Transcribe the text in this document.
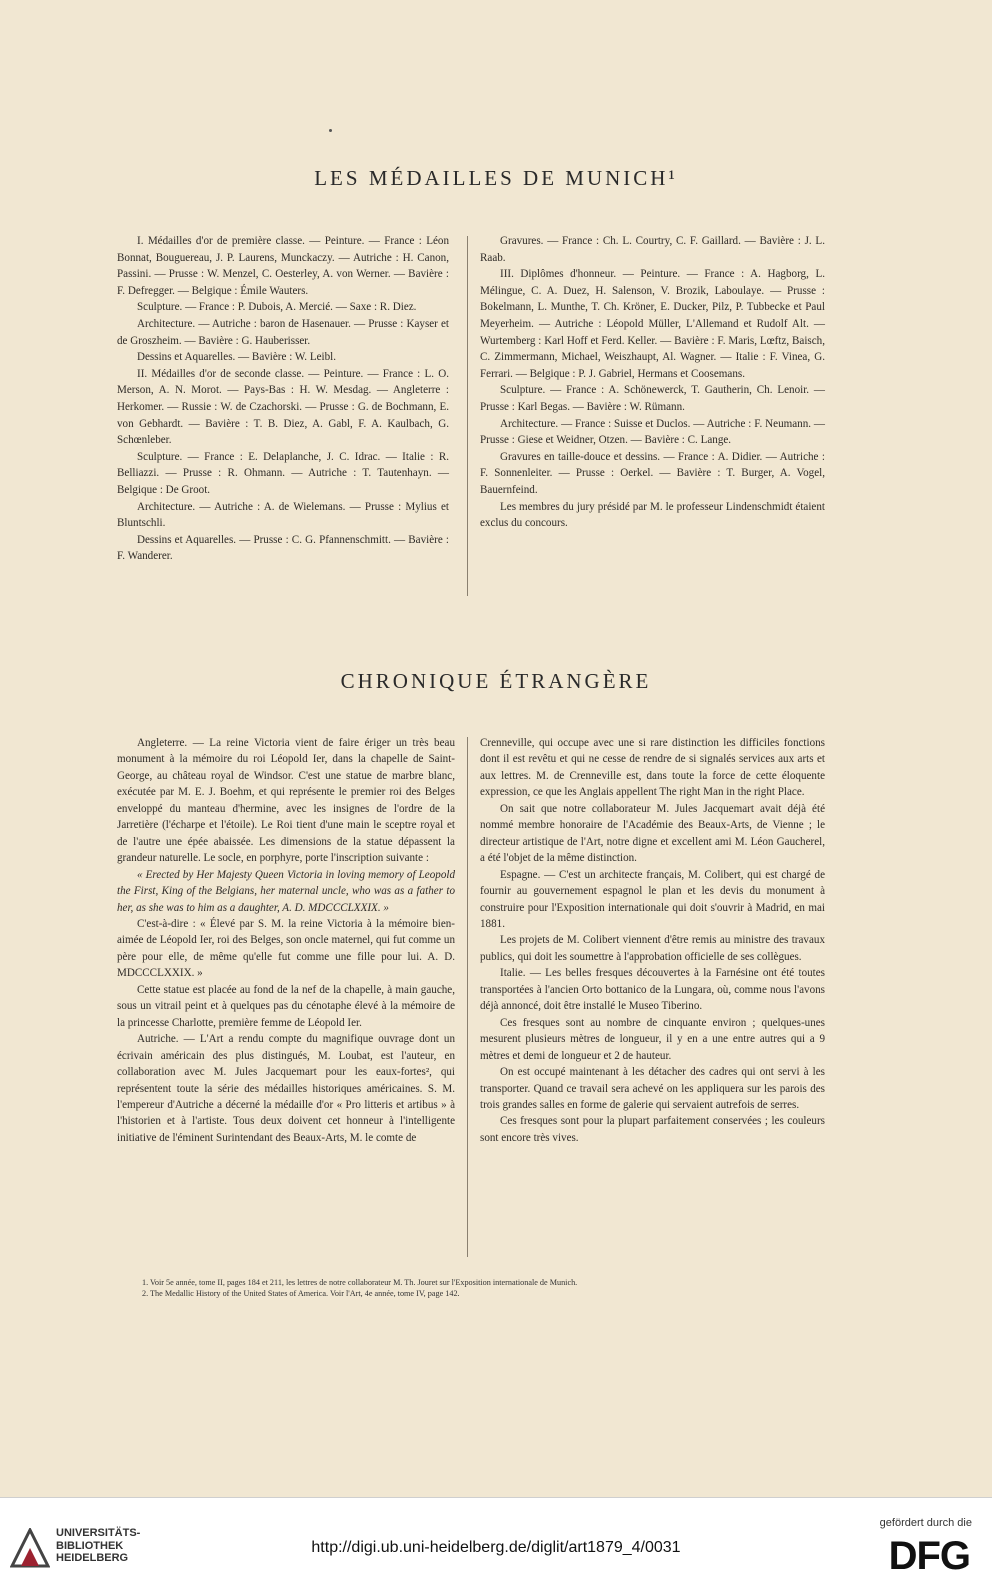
LES MÉDAILLES DE MUNICH¹

I. Médailles d'or de première classe. — Peinture. — France : Léon Bonnat, Bouguereau, J. P. Laurens, Munckaczy. — Autriche : H. Canon, Passini. — Prusse : W. Menzel, C. Oesterley, A. von Werner. — Bavière : F. Defregger. — Belgique : Émile Wauters.

Sculpture. — France : P. Dubois, A. Mercié. — Saxe : R. Diez.

Architecture. — Autriche : baron de Hasenauer. — Prusse : Kayser et de Groszheim. — Bavière : G. Hauberisser.

Dessins et Aquarelles. — Bavière : W. Leibl.

II. Médailles d'or de seconde classe. — Peinture. — France : L. O. Merson, A. N. Morot. — Pays-Bas : H. W. Mesdag. — Angleterre : Herkomer. — Russie : W. de Czachorski. — Prusse : G. de Bochmann, E. von Gebhardt. — Bavière : T. B. Diez, A. Gabl, F. A. Kaulbach, G. Schœnleber.

Sculpture. — France : E. Delaplanche, J. C. Idrac. — Italie : R. Belliazzi. — Prusse : R. Ohmann. — Autriche : T. Tautenhayn. — Belgique : De Groot.

Architecture. — Autriche : A. de Wielemans. — Prusse : Mylius et Bluntschli.

Dessins et Aquarelles. — Prusse : C. G. Pfannenschmitt. — Bavière : F. Wanderer.

Gravures. — France : Ch. L. Courtry, C. F. Gaillard. — Bavière : J. L. Raab.

III. Diplômes d'honneur. — Peinture. — France : A. Hagborg, L. Mélingue, C. A. Duez, H. Salenson, V. Brozik, Laboulaye. — Prusse : Bokelmann, L. Munthe, T. Ch. Kröner, E. Ducker, Pilz, P. Tubbecke et Paul Meyerheim. — Autriche : Léopold Müller, L'Allemand et Rudolf Alt. — Wurtemberg : Karl Hoff et Ferd. Keller. — Bavière : F. Maris, Lœftz, Baisch, C. Zimmermann, Michael, Weiszhaupt, Al. Wagner. — Italie : F. Vinea, G. Ferrari. — Belgique : P. J. Gabriel, Hermans et Coosemans.

Sculpture. — France : A. Schönewerck, T. Gautherin, Ch. Lenoir. — Prusse : Karl Begas. — Bavière : W. Rümann.

Architecture. — France : Suisse et Duclos. — Autriche : F. Neumann. — Prusse : Giese et Weidner, Otzen. — Bavière : C. Lange.

Gravures en taille-douce et dessins. — France : A. Didier. — Autriche : F. Sonnenleiter. — Prusse : Oerkel. — Bavière : T. Burger, A. Vogel, Bauernfeind.

Les membres du jury présidé par M. le professeur Lindenschmidt étaient exclus du concours.

CHRONIQUE ÉTRANGÈRE

Angleterre. — La reine Victoria vient de faire ériger un très beau monument à la mémoire du roi Léopold Ier, dans la chapelle de Saint-George, au château royal de Windsor. C'est une statue de marbre blanc, exécutée par M. E. J. Boehm, et qui représente le premier roi des Belges enveloppé du manteau d'hermine, avec les insignes de l'ordre de la Jarretière (l'écharpe et l'étoile). Le Roi tient d'une main le sceptre royal et de l'autre une épée abaissée. Les dimensions de la statue dépassent la grandeur naturelle. Le socle, en porphyre, porte l'inscription suivante :

« Erected by Her Majesty Queen Victoria in loving memory of Leopold the First, King of the Belgians, her maternal uncle, who was as a father to her, as she was to him as a daughter, A. D. MDCCCLXXIX. »

C'est-à-dire : « Élevé par S. M. la reine Victoria à la mémoire bien-aimée de Léopold Ier, roi des Belges, son oncle maternel, qui fut comme un père pour elle, de même qu'elle fut comme une fille pour lui. A. D. MDCCCLXXIX. »

Cette statue est placée au fond de la nef de la chapelle, à main gauche, sous un vitrail peint et à quelques pas du cénotaphe élevé à la mémoire de la princesse Charlotte, première femme de Léopold Ier.

Autriche. — L'Art a rendu compte du magnifique ouvrage dont un écrivain américain des plus distingués, M. Loubat, est l'auteur, en collaboration avec M. Jules Jacquemart pour les eaux-fortes², qui représentent toute la série des médailles historiques américaines. S. M. l'empereur d'Autriche a décerné la médaille d'or « Pro litteris et artibus » à l'historien et à l'artiste. Tous deux doivent cet honneur à l'intelligente initiative de l'éminent Surintendant des Beaux-Arts, M. le comte de

Crenneville, qui occupe avec une si rare distinction les difficiles fonctions dont il est revêtu et qui ne cesse de rendre de si signalés services aux arts et aux lettres. M. de Crenneville est, dans toute la force de cette éloquente expression, ce que les Anglais appellent The right Man in the right Place.

On sait que notre collaborateur M. Jules Jacquemart avait déjà été nommé membre honoraire de l'Académie des Beaux-Arts, de Vienne ; le directeur artistique de l'Art, notre digne et excellent ami M. Léon Gaucherel, a été l'objet de la même distinction.

Espagne. — C'est un architecte français, M. Colibert, qui est chargé de fournir au gouvernement espagnol le plan et les devis du monument à construire pour l'Exposition internationale qui doit s'ouvrir à Madrid, en mai 1881.

Les projets de M. Colibert viennent d'être remis au ministre des travaux publics, qui doit les soumettre à l'approbation officielle de ses collègues.

Italie. — Les belles fresques découvertes à la Farnésine ont été toutes transportées à l'ancien Orto bottanico de la Lungara, où, comme nous l'avons déjà annoncé, doit être installé le Museo Tiberino.

Ces fresques sont au nombre de cinquante environ ; quelques-unes mesurent plusieurs mètres de longueur, il y en a une entre autres qui a 9 mètres et demi de longueur et 2 de hauteur.

On est occupé maintenant à les détacher des cadres qui ont servi à les transporter. Quand ce travail sera achevé on les appliquera sur les parois des trois grandes salles en forme de galerie qui servaient autrefois de serres.

Ces fresques sont pour la plupart parfaitement conservées ; les couleurs sont encore très vives.

1. Voir 5e année, tome II, pages 184 et 211, les lettres de notre collaborateur M. Th. Jouret sur l'Exposition internationale de Munich.

2. The Medallic History of the United States of America. Voir l'Art, 4e année, tome IV, page 142.

UNIVERSITÄTS-
BIBLIOTHEK
HEIDELBERG
http://digi.ub.uni-heidelberg.de/diglit/art1879_4/0031
gefördert durch die
DFG
